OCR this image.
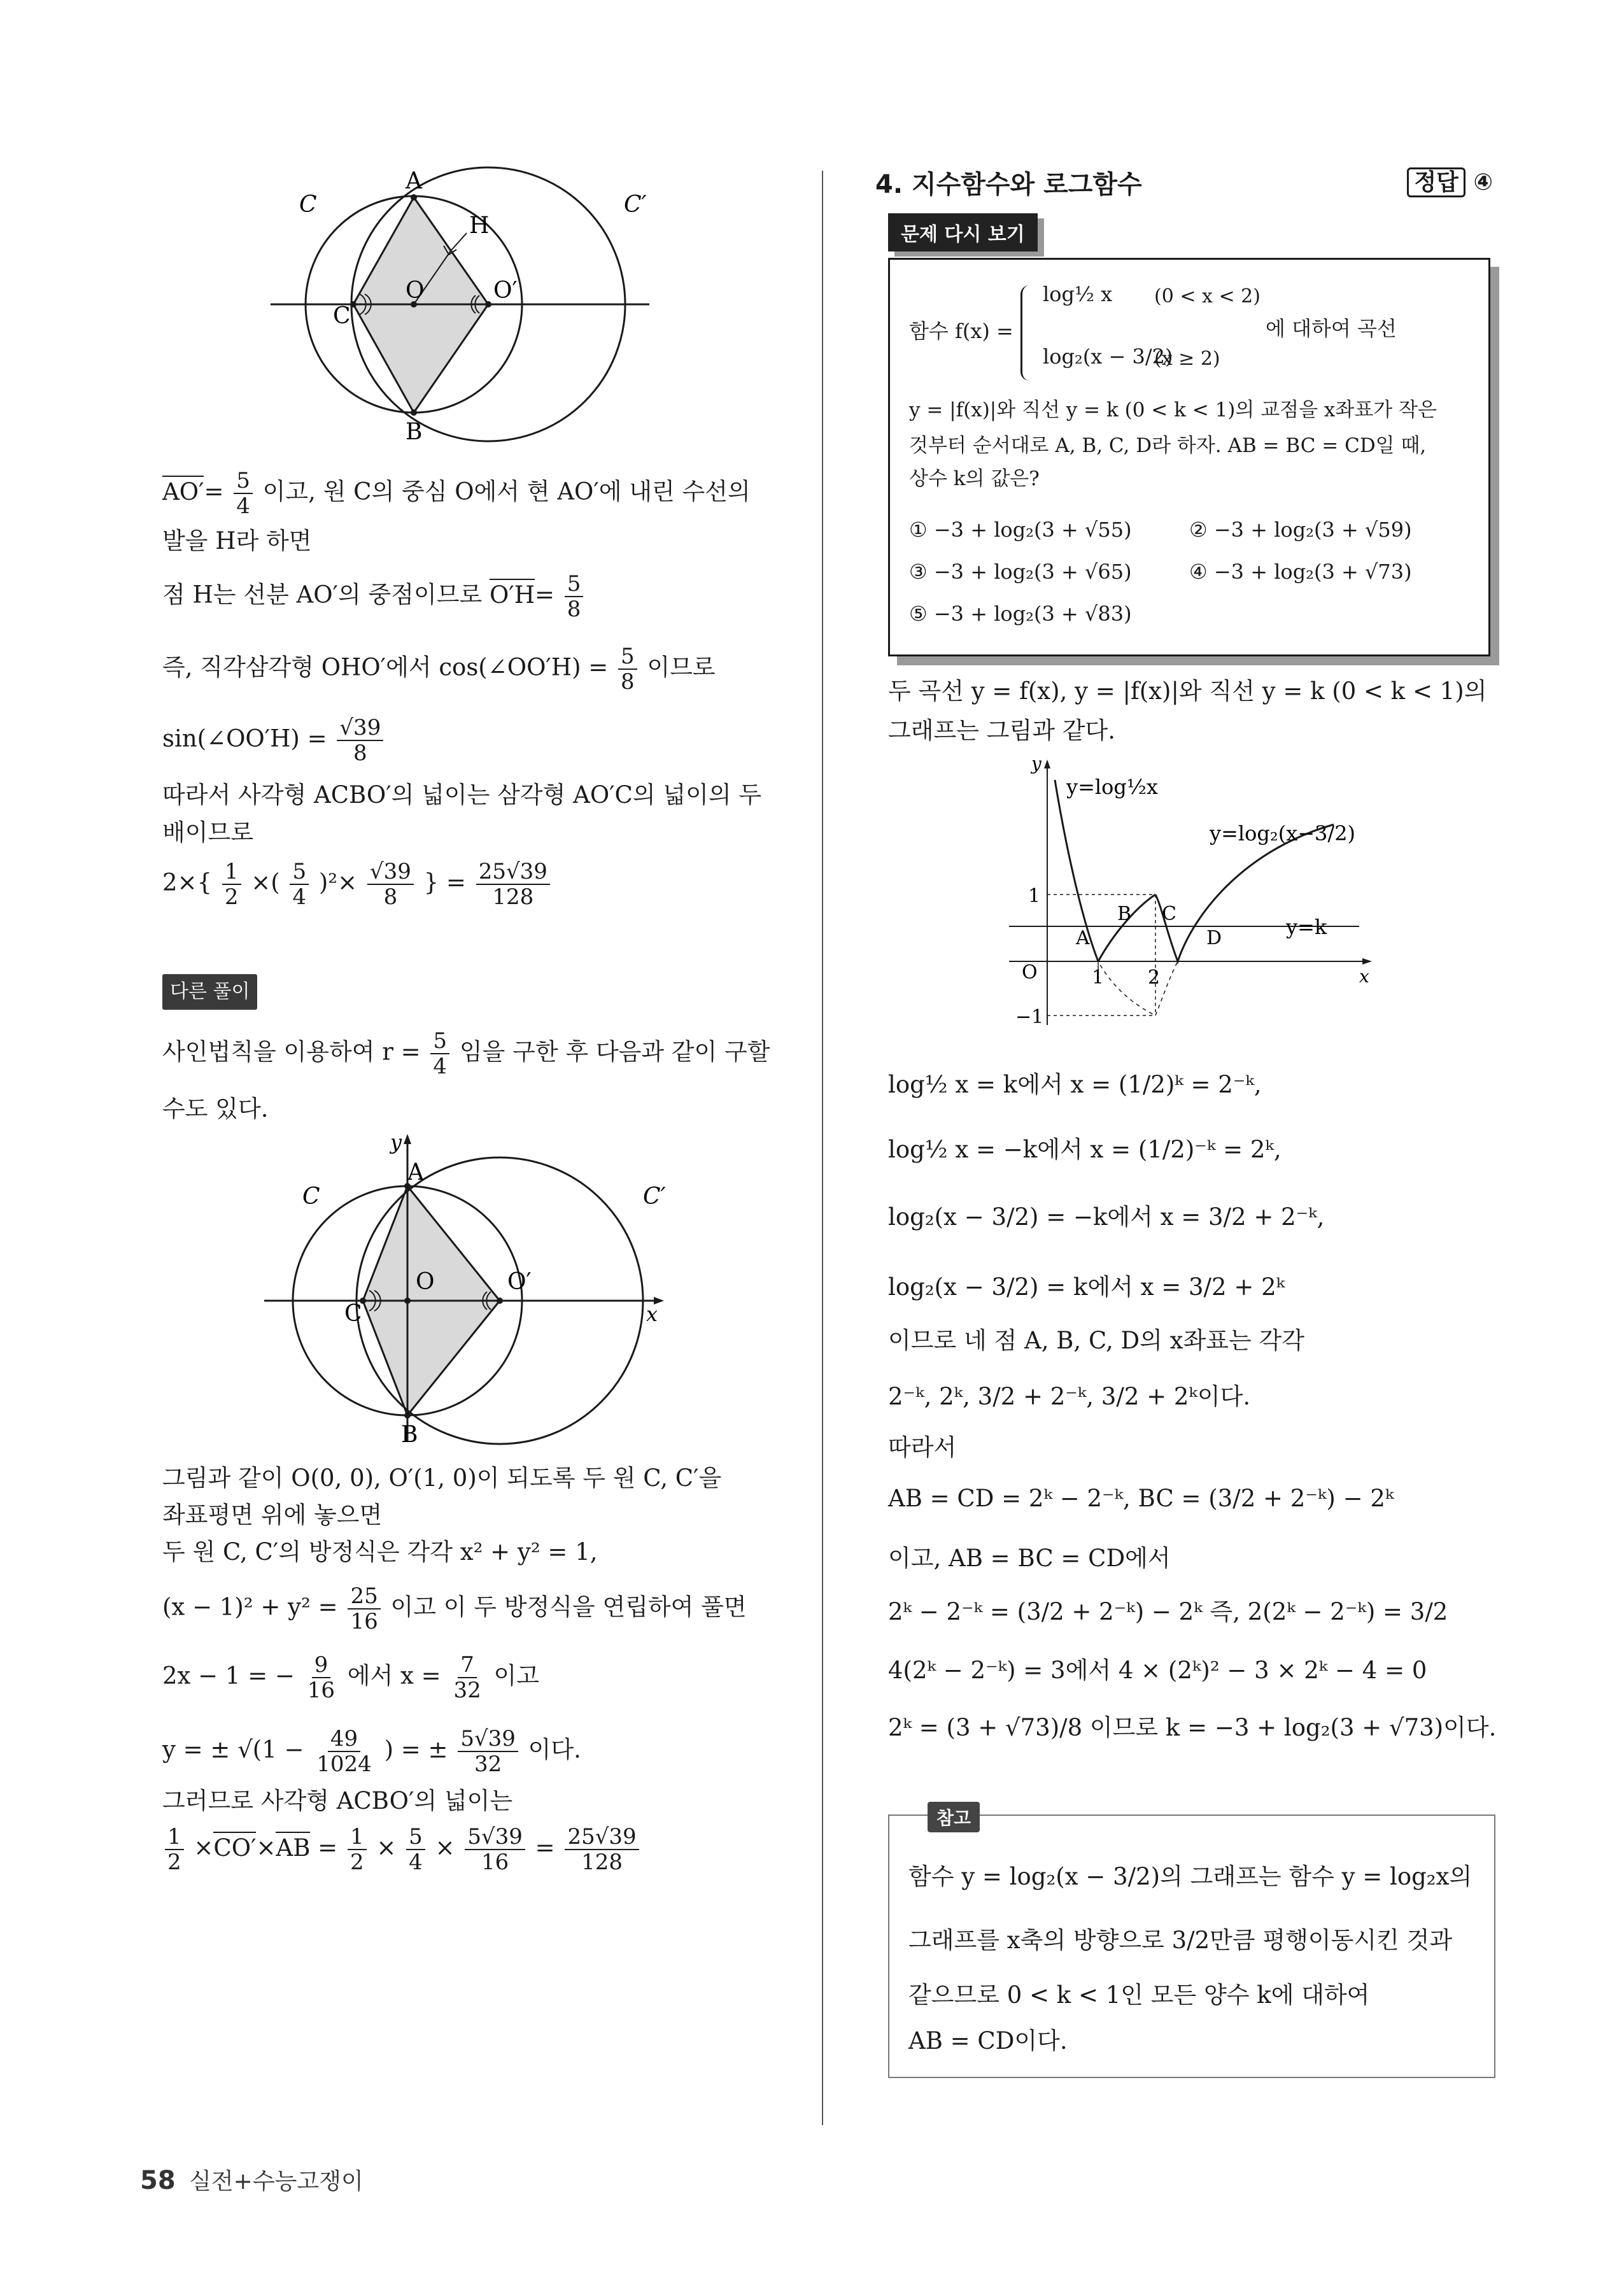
C	C′
A
H
O	O′
C
B
$AO'= \frac{5}{4}$ 이고, 원 C의 중심 O에서 현 AO′에 내린 수선의
발을 H라 하면
점 H는 선분 AO′의 중점이므로 $O'H= \frac{5}{8}$
즉, 직각삼각형 OHO′에서 cos(∠OO′H) = $\frac{5}{8}$ 이므로
sin(∠OO′H) = $\frac{√39}{8}$
따라서 사각형 ACBO′의 넓이는 삼각형 AO′C의 넓이의 두
배이므로
$2\times\{ \frac{1}{2}$ ×( $\frac{5}{4} )^2\times \frac{√39}{8}$ } = $\frac{25√39}{128}$
다른 풀이
사인법칙을 이용하여 $r = \frac{5}{4}$ 임을 구한 후 다음과 같이 구할
수도 있다.
y
A
C	C′
O	O′
C	x
B
그림과 같이 O(0, 0), O′(1, 0)이 되도록 두 원 C, C′을
좌표평면 위에 놓으면
두 원 C, C′의 방정식은 각각 x² + y² = 1,
$(x - 1)^2 + y^2 = \frac{25}{16}$ 이고 이 두 방정식을 연립하여 풀면
2x − 1 = − $\frac{9}{16}$ 에서 $x = \frac{7}{32}$ 이고
y = ± $√(1 - \frac{49}{1024}$ ) = ± $\frac{5√39}{32}$ 이다.
그러므로 사각형 ACBO′의 넓이는
$\frac{1}{2} \times CO'\times AB = \frac{1}{2} \times \frac{5}{4} \times \frac{5√39}{16} = \frac{25√39}{128}$
4. 지수함수와 로그함수	정답 ④
문제 다시 보기
함수 f(x) =
log½ x (0 < x < 2)
log₂(x − 3/2)
(x ≥ 2)
에 대하여 곡선
y = |f(x)|와 직선 y = k (0 < k < 1)의 교점을 x좌표가 작은
것부터 순서대로 A, B, C, D라 하자. AB = BC = CD일 때,
상수 k의 값은?
① −3 + log₂(3 + √55)	② −3 + log₂(3 + √59)
③ −3 + log₂(3 + √65)	④ −3 + log₂(3 + √73)
⑤ −3 + log₂(3 + √83)
두 곡선 y = f(x), y = |f(x)|와 직선 y = k (0 < k < 1)의
그래프는 그림과 같다.
y
y=log½x
y=log₂(x−3/2)
1
B C
y=k
A	D
O	1 2	x
−1
log½ x = k에서 x = (1/2)ᵏ = 2⁻ᵏ,
log½ x = −k에서 x = (1/2)⁻ᵏ = 2ᵏ,
log₂(x − 3/2) = −k에서 x = 3/2 + 2⁻ᵏ,
log₂(x − 3/2) = k에서 x = 3/2 + 2ᵏ
이므로 네 점 A, B, C, D의 x좌표는 각각
2⁻ᵏ, 2ᵏ, 3/2 + 2⁻ᵏ, 3/2 + 2ᵏ이다.
따라서
AB = CD = 2ᵏ − 2⁻ᵏ, BC = (3/2 + 2⁻ᵏ) − 2ᵏ
이고, AB = BC = CD에서
2ᵏ − 2⁻ᵏ = (3/2 + 2⁻ᵏ) − 2ᵏ 즉, 2(2ᵏ − 2⁻ᵏ) = 3/2
4(2ᵏ − 2⁻ᵏ) = 3에서 4 × (2ᵏ)² − 3 × 2ᵏ − 4 = 0
2ᵏ = (3 + √73)/8 이므로 k = −3 + log₂(3 + √73)이다.
참고
함수 y = log₂(x − 3/2)의 그래프는 함수 y = log₂x의
그래프를 x축의 방향으로 3/2만큼 평행이동시킨 것과
같으므로 0 < k < 1인 모든 양수 k에 대하여
AB = CD이다.
58 실전+수능고쟁이
